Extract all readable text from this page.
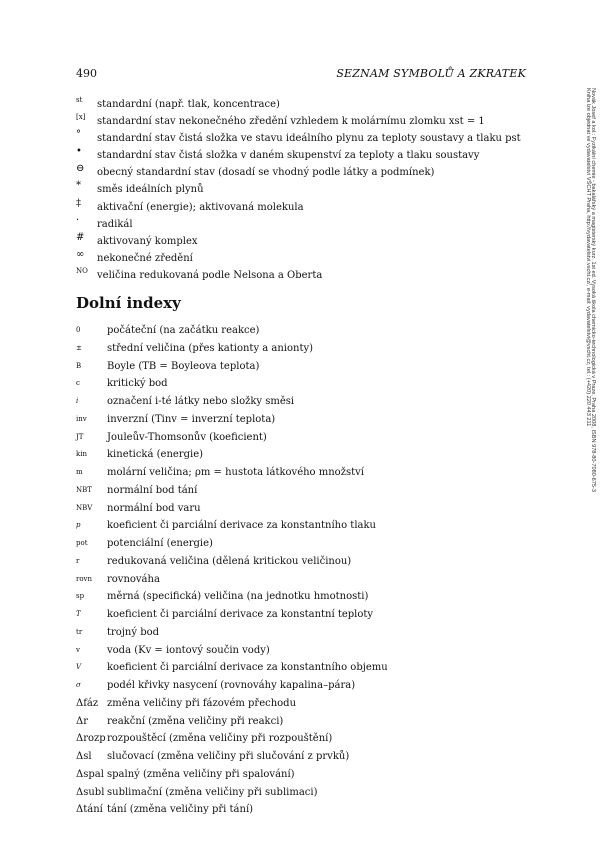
490	SEZNAM SYMBOLŮ A ZKRATEK
st standardní (např. tlak, koncentrace)
[x] standardní stav nekonečného zředění vzhledem k molárnímu zlomku xst = 1
° standardní stav čistá složka ve stavu ideálního plynu za teploty soustavy a tlaku pst
• standardní stav čistá složka v daném skupenství za teploty a tlaku soustavy
⊖ obecný standardní stav (dosadí se vhodný podle látky a podmínek)
* směs ideálních plynů
‡ aktivační (energie); aktivovaná molekula
· radikál
# aktivovaný komplex
∞ nekonečné zředění
NO veličina redukovaná podle Nelsona a Oberta
Dolní indexy
0	počáteční (na začátku reakce)
±	střední veličina (přes kationty a anionty)
B	Boyle (TB = Boyleova teplota)
c	kritický bod
i	označení i-té látky nebo složky směsi
inv inverzní (Tinv = inverzní teplota)
JT Jouleův-Thomsonův (koeficient)
kin kinetická (energie)
m molární veličina; ρm = hustota látkového množství
NBT normální bod tání
NBV normální bod varu
p	koeficient či parciální derivace za konstantního tlaku
pot potenciální (energie)
r	redukovaná veličina (dělená kritickou veličinou)
rovn rovnováha
sp měrná (specifická) veličina (na jednotku hmotnosti)
T	koeficient či parciální derivace za konstantní teploty
tr trojný bod
v	voda (Kv = iontový součin vody)
V	koeficient či parciální derivace za konstantního objemu
σ	podél křivky nasycení (rovnováhy kapalina–pára)
Δfáz změna veličiny při fázovém přechodu
Δr reakční (změna veličiny při reakci)
Δrozp rozpouštěcí (změna veličiny při rozpouštění)
Δsl slučovací (změna veličiny při slučování z prvků)
Δspal spalný (změna veličiny při spalování)
Δsubl sublimační (změna veličiny při sublimaci)
Δtání tání (změna veličiny při tání)
Novák Josef a kol.: Fyzikální chemie - bakalářský a magisterský kurz. 1st ed. Vysoká škola chemicko-technologická v Praze, Praha 2008, ISBN 978-80-7080-675-3
Kniha lze objednat ve vydavatelství VŠCHT Praha, http://vydavatelstvi.vscht.cz/, e-mail: vydavatelstvi@vscht.cz, tel.: (+420) 220 443 211
